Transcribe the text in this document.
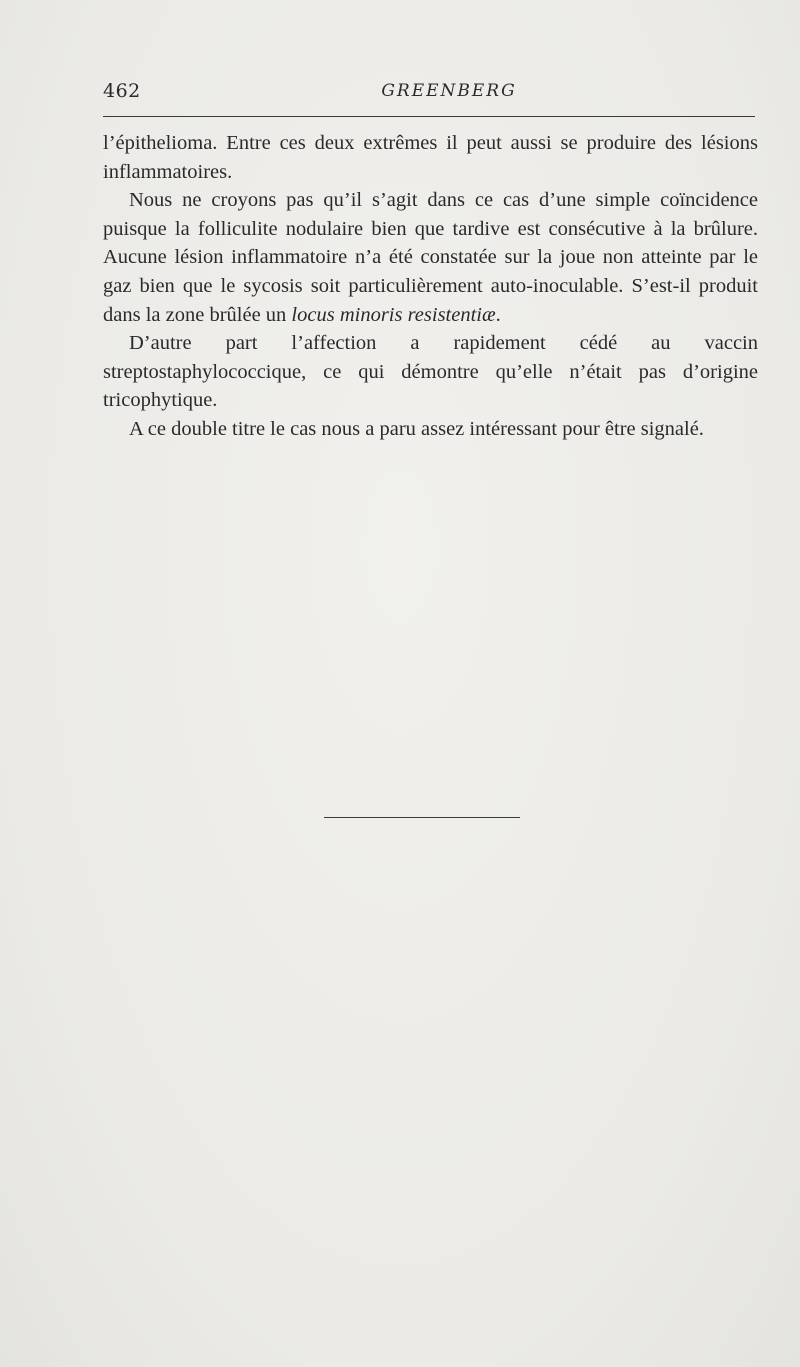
462	GREENBERG

l’épithelioma. Entre ces deux extrêmes il peut aussi se produire des lésions inflammatoires.

Nous ne croyons pas qu’il s’agit dans ce cas d’une simple coïncidence puisque la folliculite nodulaire bien que tardive est consécutive à la brûlure. Aucune lésion inflammatoire n’a été constatée sur la joue non atteinte par le gaz bien que le sycosis soit particulièrement auto-inoculable. S’est-il produit dans la zone brûlée un locus minoris resistentiæ.

D’autre part l’affection a rapidement cédé au vaccin streptostaphylococcique, ce qui démontre qu’elle n’était pas d’origine tricophytique.

A ce double titre le cas nous a paru assez intéressant pour être signalé.
